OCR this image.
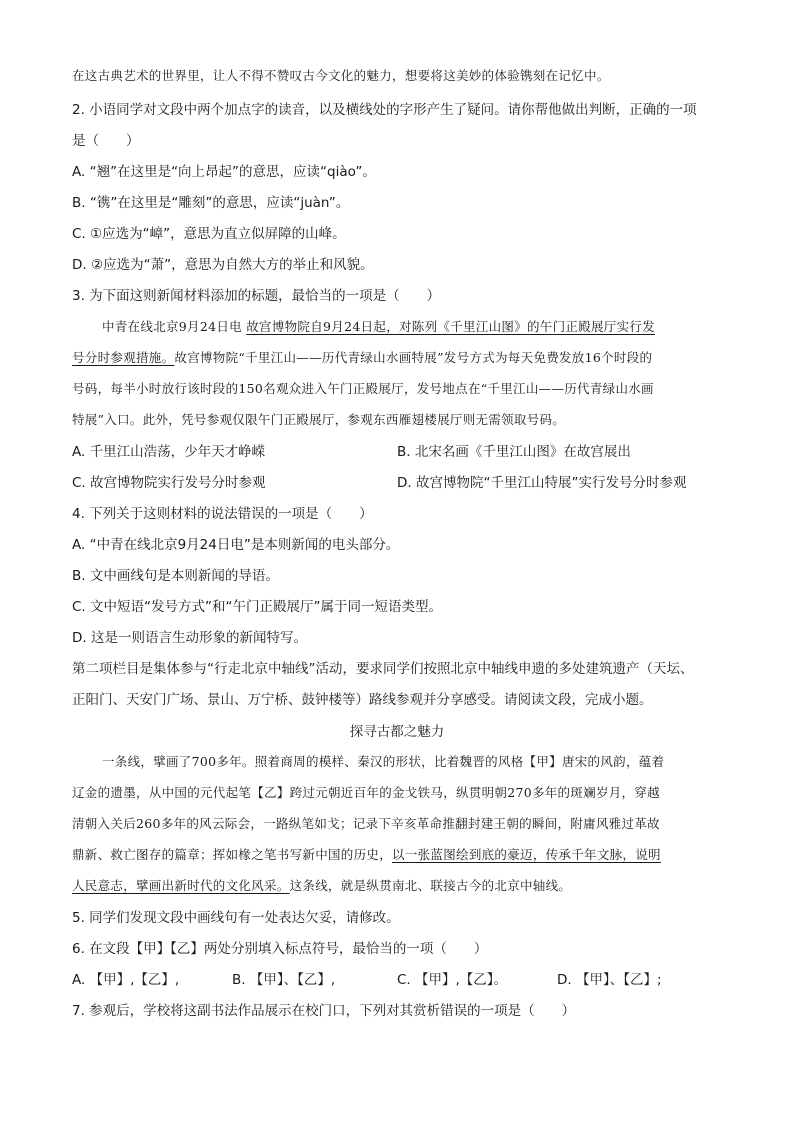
在这古典艺术的世界里，让人不得不赞叹古今文化的魅力，想要将这美妙的体验镌刻在记忆中。
2. 小语同学对文段中两个加点字的读音，以及横线处的字形产生了疑问。请你帮他做出判断，正确的一项
是（　　）
A. “翘”在这里是“向上昂起”的意思，应读“qiào”。
B. “镌”在这里是“雕刻”的意思，应读“juàn”。
C. ①应选为“嶂”，意思为直立似屏障的山峰。
D. ②应选为“萧”，意思为自然大方的举止和风貌。
3. 为下面这则新闻材料添加的标题，最恰当的一项是（　　）
中青在线北京9月24日电 故宫博物院自9月24日起，对陈列《千里江山图》的午门正殿展厅实行发
号分时参观措施。故宫博物院“千里江山——历代青绿山水画特展”发号方式为每天免费发放16个时段的
号码，每半小时放行该时段的150名观众进入午门正殿展厅，发号地点在“千里江山——历代青绿山水画
特展”入口。此外，凭号参观仅限午门正殿展厅，参观东西雁翅楼展厅则无需领取号码。
A. 千里江山浩荡，少年天才峥嵘	B. 北宋名画《千里江山图》在故宫展出
C. 故宫博物院实行发号分时参观	D. 故宫博物院“千里江山特展”实行发号分时参观
4. 下列关于这则材料的说法错误的一项是（　　）
A. “中青在线北京9月24日电”是本则新闻的电头部分。
B. 文中画线句是本则新闻的导语。
C. 文中短语“发号方式”和“午门正殿展厅”属于同一短语类型。
D. 这是一则语言生动形象的新闻特写。
第二项栏目是集体参与“行走北京中轴线”活动，要求同学们按照北京中轴线申遗的多处建筑遗产（天坛、
正阳门、天安门广场、景山、万宁桥、鼓钟楼等）路线参观并分享感受。请阅读文段，完成小题。
探寻古都之魅力
一条线，擘画了700多年。照着商周的模样、秦汉的形状，比着魏晋的风格【甲】唐宋的风韵，蕴着
辽金的遗墨，从中国的元代起笔【乙】跨过元朝近百年的金戈铁马，纵贯明朝270多年的斑斓岁月，穿越
清朝入关后260多年的风云际会，一路纵笔如戈；记录下辛亥革命推翻封建王朝的瞬间，附庸风雅过革故
鼎新、救亡图存的篇章；挥如椽之笔书写新中国的历史，以一张蓝图绘到底的豪迈，传承千年文脉，说明
人民意志，擘画出新时代的文化风采。这条线，就是纵贯南北、联接古今的北京中轴线。
5. 同学们发现文段中画线句有一处表达欠妥，请修改。
6. 在文段【甲】【乙】两处分别填入标点符号，最恰当的一项（　　）
A. 【甲】,【乙】,	B. 【甲】、【乙】,	C. 【甲】,【乙】。	D. 【甲】、【乙】;
7. 参观后，学校将这副书法作品展示在校门口，下列对其赏析错误的一项是（　　）
